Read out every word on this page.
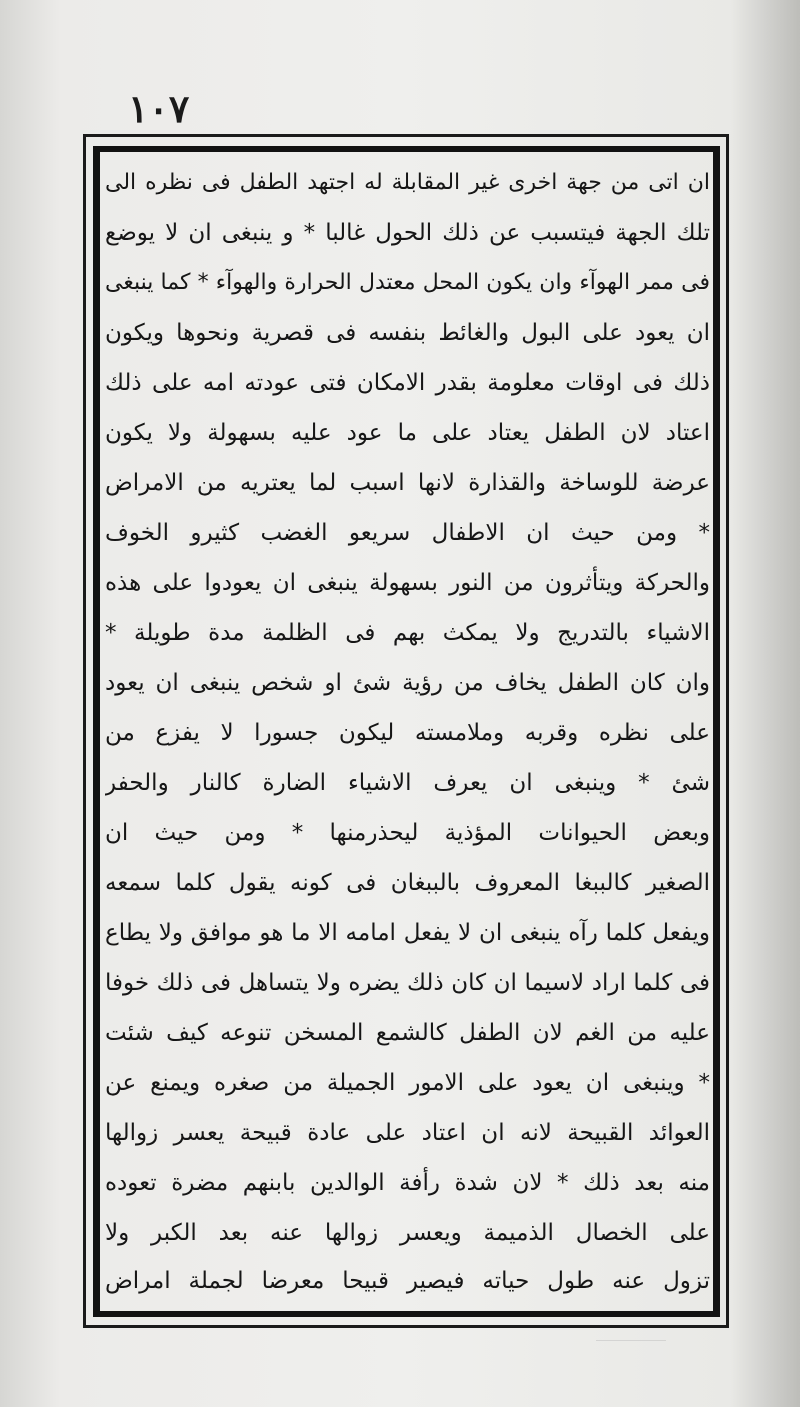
١٠٧
ان اتى من جهة اخرى غير المقابلة له اجتهد الطفل فى نظره الى
تلك الجهة فيتسبب عن ذلك الحول غالبا * و ينبغى ان لا يوضع
فى ممر الهوآء وان يكون المحل معتدل الحرارة والهوآء * كما ينبغى
ان يعود على البول والغائط بنفسه فى قصرية ونحوها ويكون
ذلك فى اوقات معلومة بقدر الامكان فتى عودته امه على ذلك
اعتاد لان الطفل يعتاد على ما عود عليه بسهولة ولا يكون
عرضة للوساخة والقذارة لانها اسبب لما يعتريه من الامراض
* ومن حيث ان الاطفال سريعو الغضب كثيرو الخوف
والحركة ويتأثرون من النور بسهولة ينبغى ان يعودوا على هذه
الاشياء بالتدريج ولا يمكث بهم فى الظلمة مدة طويلة *
وان كان الطفل يخاف من رؤية شئ او شخص ينبغى ان يعود
على نظره وقربه وملامسته ليكون جسورا لا يفزع من
شئ * وينبغى ان يعرف الاشياء الضارة كالنار والحفر
وبعض الحيوانات المؤذية ليحذرمنها * ومن حيث ان
الصغير كالببغا المعروف بالببغان فى كونه يقول كلما سمعه
ويفعل كلما رآه ينبغى ان لا يفعل امامه الا ما هو موافق ولا يطاع
فى كلما اراد لاسيما ان كان ذلك يضره ولا يتساهل فى ذلك خوفا
عليه من الغم لان الطفل كالشمع المسخن تنوعه كيف شئت
* وينبغى ان يعود على الامور الجميلة من صغره ويمنع عن
العوائد القبيحة لانه ان اعتاد على عادة قبيحة يعسر زوالها
منه بعد ذلك * لان شدة رأفة الوالدين بابنهم مضرة تعوده
على الخصال الذميمة ويعسر زوالها عنه بعد الكبر ولا
تزول عنه طول حياته فيصير قبيحا معرضا لجملة امراض
